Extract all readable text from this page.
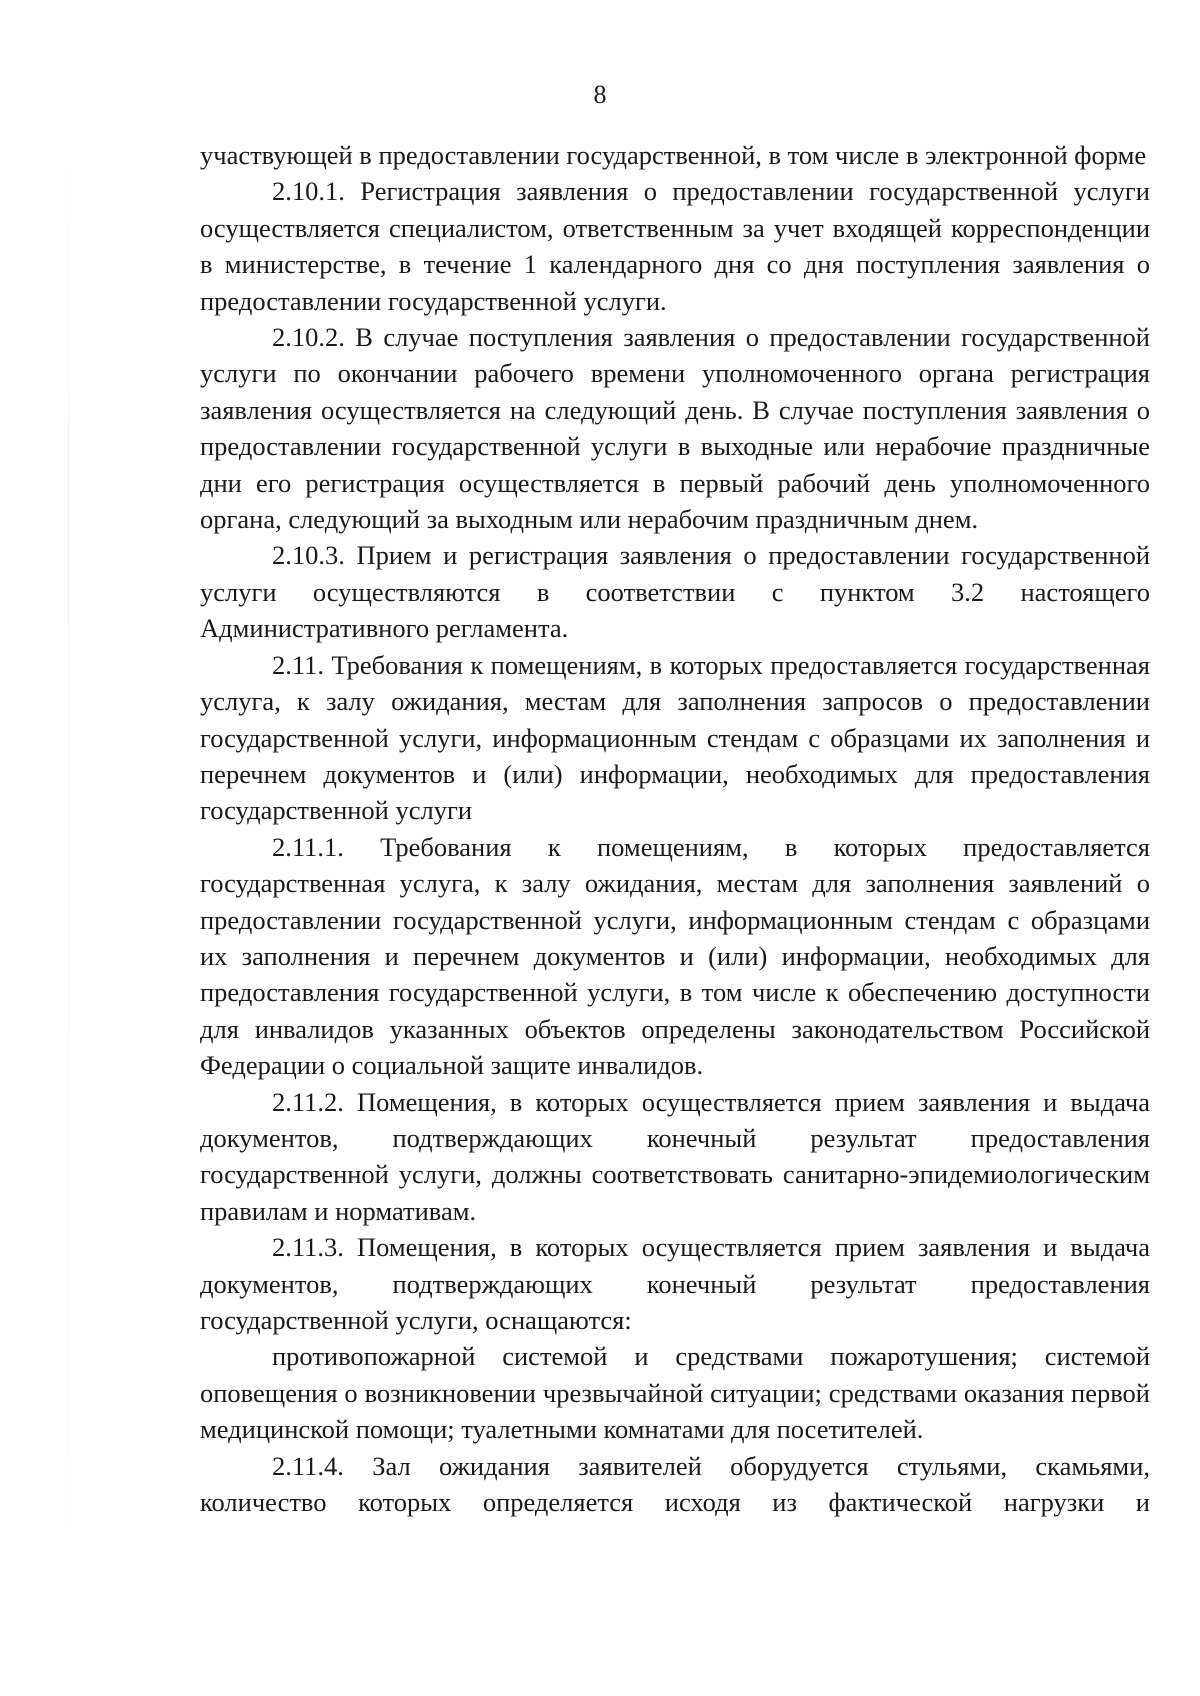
8

участвующей в предоставлении государственной, в том числе в электронной форме

2.10.1. Регистрация заявления о предоставлении государственной услуги осуществляется специалистом, ответственным за учет входящей корреспонденции в министерстве, в течение 1 календарного дня со дня поступления заявления о предоставлении государственной услуги.

2.10.2. В случае поступления заявления о предоставлении государственной услуги по окончании рабочего времени уполномоченного органа регистрация заявления осуществляется на следующий день. В случае поступления заявления о предоставлении государственной услуги в выходные или нерабочие праздничные дни его регистрация осуществляется в первый рабочий день уполномоченного органа, следующий за выходным или нерабочим праздничным днем.

2.10.3. Прием и регистрация заявления о предоставлении государственной услуги осуществляются в соответствии с пунктом 3.2 настоящего Административного регламента.

2.11. Требования к помещениям, в которых предоставляется государственная услуга, к залу ожидания, местам для заполнения запросов о предоставлении государственной услуги, информационным стендам с образцами их заполнения и перечнем документов и (или) информации, необходимых для предоставления государственной услуги

2.11.1. Требования к помещениям, в которых предоставляется государственная услуга, к залу ожидания, местам для заполнения заявлений о предоставлении государственной услуги, информационным стендам с образцами их заполнения и перечнем документов и (или) информации, необходимых для предоставления государственной услуги, в том числе к обеспечению доступности для инвалидов указанных объектов определены законодательством Российской Федерации о социальной защите инвалидов.

2.11.2. Помещения, в которых осуществляется прием заявления и выдача документов, подтверждающих конечный результат предоставления государственной услуги, должны соответствовать санитарно-эпидемиологическим правилам и нормативам.

2.11.3. Помещения, в которых осуществляется прием заявления и выдача документов, подтверждающих конечный результат предоставления государственной услуги, оснащаются:

противопожарной системой и средствами пожаротушения; системой оповещения о возникновении чрезвычайной ситуации; средствами оказания первой медицинской помощи; туалетными комнатами для посетителей.

2.11.4. Зал ожидания заявителей оборудуется стульями, скамьями, количество которых определяется исходя из фактической нагрузки и
